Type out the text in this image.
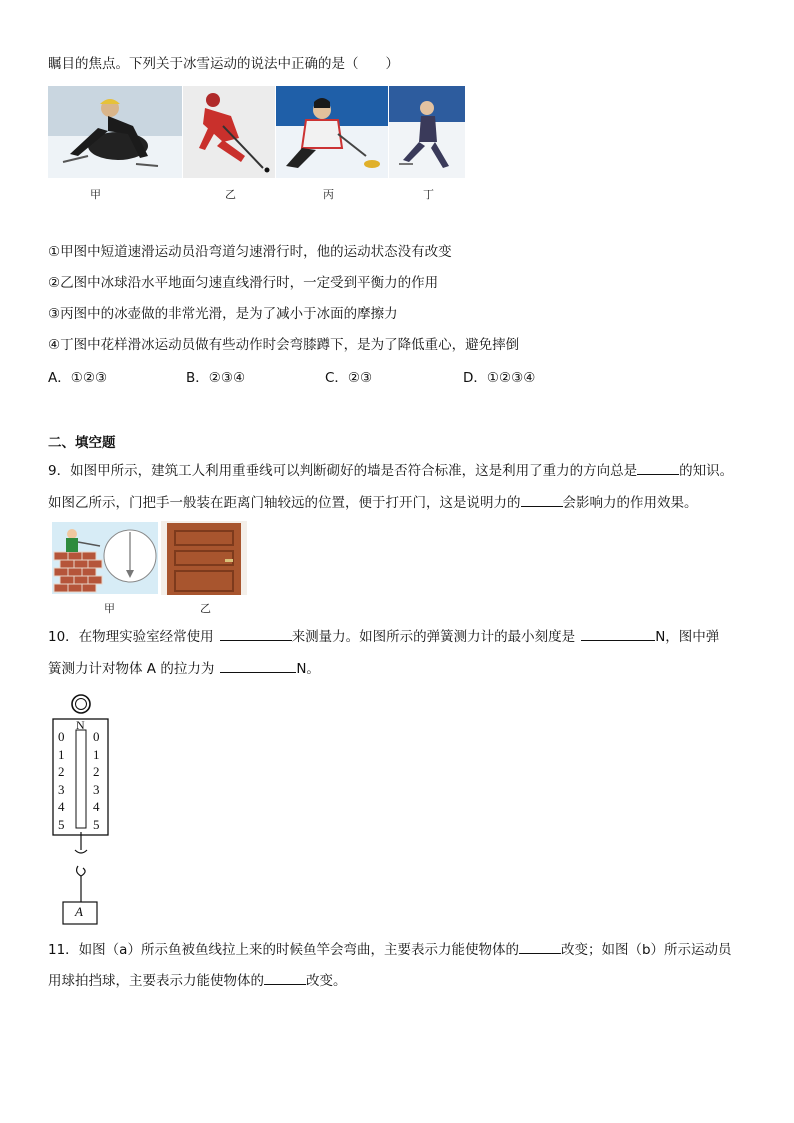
瞩目的焦点。下列关于冰雪运动的说法中正确的是（　　）
甲	乙	丙	丁
①甲图中短道速滑运动员沿弯道匀速滑行时，他的运动状态没有改变
②乙图中冰球沿水平地面匀速直线滑行时，一定受到平衡力的作用
③丙图中的冰壶做的非常光滑，是为了减小于冰面的摩擦力
④丁图中花样滑冰运动员做有些动作时会弯膝蹲下，是为了降低重心，避免摔倒
A．①②③	B．②③④	C．②③	D．①②③④
二、填空题
9．如图甲所示，建筑工人利用重垂线可以判断砌好的墙是否符合标准，这是利用了重力的方向总是	的知识。
如图乙所示，门把手一般装在距离门轴较远的位置，便于打开门，这是说明力的	会影响力的作用效果。
甲	乙
10．在物理实验室经常使用	来测量力。如图所示的弹簧测力计的最小刻度是	N，图中弹
簧测力计对物体 A 的拉力为	N。
N
0
1
2
3
4
5
0
1
2
3
4
5
A
11．如图（a）所示鱼被鱼线拉上来的时候鱼竿会弯曲，主要表示力能使物体的	改变；如图（b）所示运动员
用球拍挡球，主要表示力能使物体的	改变。
